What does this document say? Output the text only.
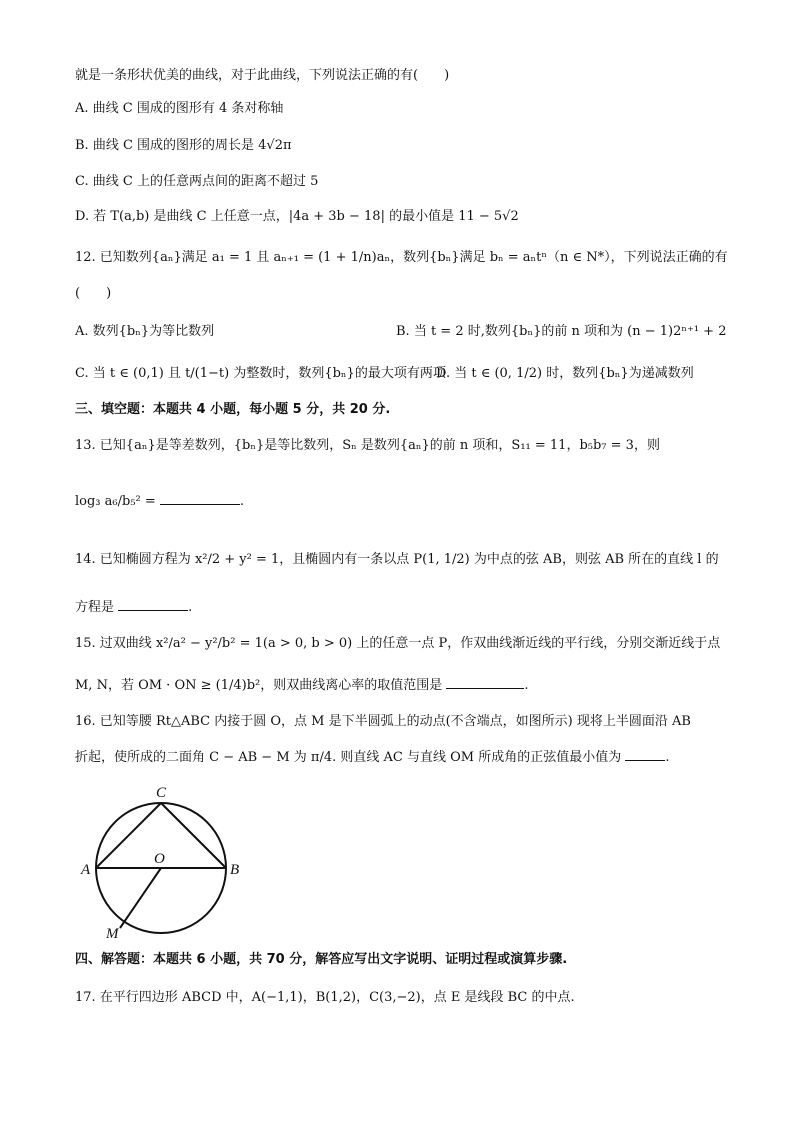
就是一条形状优美的曲线，对于此曲线，下列说法正确的有(　　)
A. 曲线 C 围成的图形有 4 条对称轴
B. 曲线 C 围成的图形的周长是 4√2π
C. 曲线 C 上的任意两点间的距离不超过 5
D. 若 T(a,b) 是曲线 C 上任意一点，|4a + 3b − 18| 的最小值是 11 − 5√2
12. 已知数列{aₙ}满足 a₁ = 1 且 aₙ₊₁ = (1 + 1/n)aₙ，数列{bₙ}满足 bₙ = aₙtⁿ（n ∈ N*），下列说法正确的有
(　　)
A. 数列{bₙ}为等比数列	B. 当 t = 2 时,数列{bₙ}的前 n 项和为 (n − 1)2ⁿ⁺¹ + 2
C. 当 t ∈ (0,1) 且 t/(1−t) 为整数时，数列{bₙ}的最大项有两项
D. 当 t ∈ (0, 1/2) 时，数列{bₙ}为递减数列
三、填空题：本题共 4 小题，每小题 5 分，共 20 分.
13. 已知{aₙ}是等差数列，{bₙ}是等比数列，Sₙ 是数列{aₙ}的前 n 项和，S₁₁ = 11，b₅b₇ = 3，则
log₃ a₆/b₅² =	.
14. 已知椭圆方程为 x²/2 + y² = 1，且椭圆内有一条以点 P(1, 1/2) 为中点的弦 AB，则弦 AB 所在的直线 l 的
方程是	.
15. 过双曲线 x²/a² − y²/b² = 1(a > 0, b > 0) 上的任意一点 P，作双曲线渐近线的平行线，分别交渐近线于点
M, N，若 OM · ON ≥ (1/4)b²，则双曲线离心率的取值范围是	.
16. 已知等腰 Rt△ABC 内接于圆 O，点 M 是下半圆弧上的动点(不含端点，如图所示) 现将上半圆面沿 AB
折起，使所成的二面角 C − AB − M 为 π/4. 则直线 AC 与直线 OM 所成角的正弦值最小值为	.
C
O
A	B
M
四、解答题：本题共 6 小题，共 70 分，解答应写出文字说明、证明过程或演算步骤.
17. 在平行四边形 ABCD 中，A(−1,1)，B(1,2)，C(3,−2)，点 E 是线段 BC 的中点.
